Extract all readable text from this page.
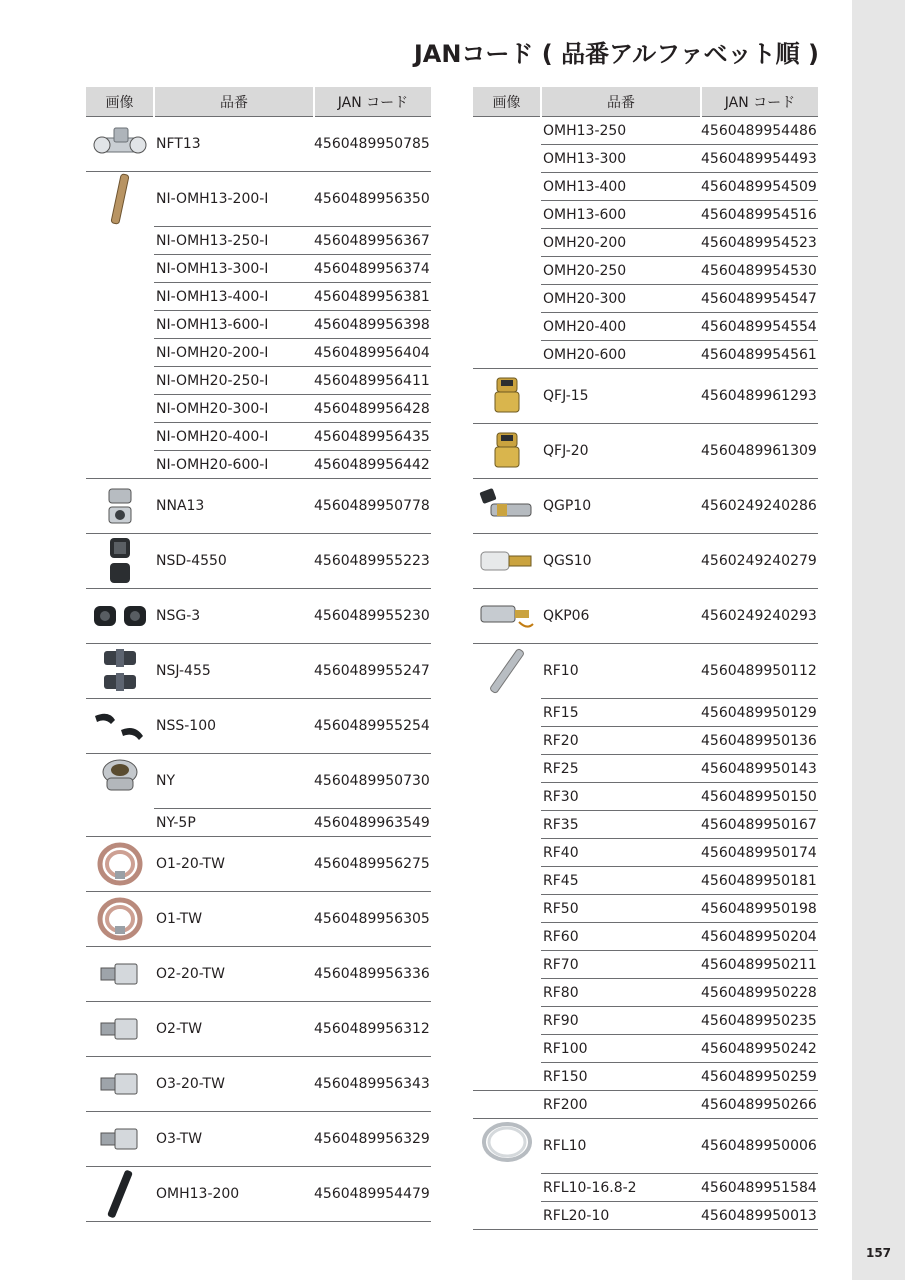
157
JANコード ( 品番アルファベット順 )
画像	品番	JAN コード

	NFT13	4560489950785

	NI-OMH13-200-I	4560489956350
	NI-OMH13-250-I	4560489956367
	NI-OMH13-300-I	4560489956374
	NI-OMH13-400-I	4560489956381
	NI-OMH13-600-I	4560489956398
	NI-OMH20-200-I	4560489956404
	NI-OMH20-250-I	4560489956411
	NI-OMH20-300-I	4560489956428
	NI-OMH20-400-I	4560489956435
	NI-OMH20-600-I	4560489956442

	NNA13	4560489950778

	NSD-4550	4560489955223

	NSG-3	4560489955230

	NSJ-455	4560489955247

	NSS-100	4560489955254

	NY	4560489950730
	NY-5P	4560489963549

	O1-20-TW	4560489956275

	O1-TW	4560489956305

	O2-20-TW	4560489956336

	O2-TW	4560489956312

	O3-20-TW	4560489956343

	O3-TW	4560489956329

	OMH13-200	4560489954479
画像	品番	JAN コード
	OMH13-250	4560489954486
	OMH13-300	4560489954493
	OMH13-400	4560489954509
	OMH13-600	4560489954516
	OMH20-200	4560489954523
	OMH20-250	4560489954530
	OMH20-300	4560489954547
	OMH20-400	4560489954554
	OMH20-600	4560489954561

	QFJ-15	4560489961293

	QFJ-20	4560489961309

	QGP10	4560249240286

	QGS10	4560249240279

	QKP06	4560249240293

	RF10	4560489950112
	RF15	4560489950129
	RF20	4560489950136
	RF25	4560489950143
	RF30	4560489950150
	RF35	4560489950167
	RF40	4560489950174
	RF45	4560489950181
	RF50	4560489950198
	RF60	4560489950204
	RF70	4560489950211
	RF80	4560489950228
	RF90	4560489950235
	RF100	4560489950242
	RF150	4560489950259
	RF200	4560489950266

	RFL10	4560489950006
	RFL10-16.8-2	4560489951584
	RFL20-10	4560489950013
